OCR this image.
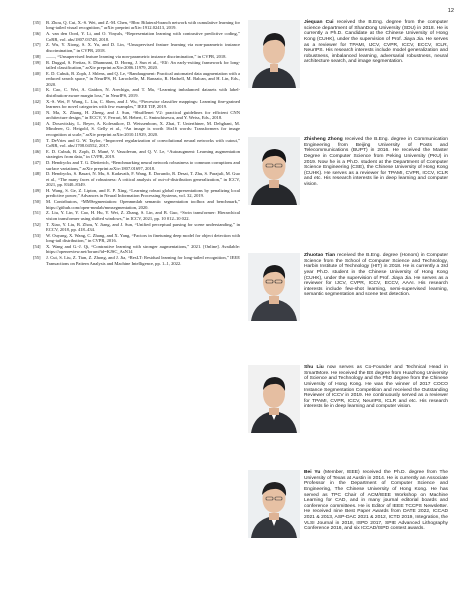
12
[35]	B. Zhou, Q. Cui, X.-S. Wei, and Z.-M. Chen, “Bbn: Bilateral-branch network with cumulative learning for long-tailed visual recognition,” arXiv preprint arXiv:1912.02413, 2019.
[36]	A. van den Oord, Y. Li, and O. Vinyals, “Representation learning with contrastive predictive coding,” CoRR, vol. abs/1807.03748, 2018.
[37]	Z. Wu, Y. Xiong, S. X. Yu, and D. Lin, “Unsupervised feature learning via non-parametric instance discrimination,” in CVPR, 2018.
[38]	——, “Unsupervised feature learning via non-parametric instance discrimination,” in CVPR, 2018.
[39]	R. Duggal, S. Freitas, S. Dhamnani, D. Horng, J. Sun et al., “Elf: An early-exiting framework for long-tailed classification,” arXiv preprint arXiv:2006.11979, 2020.
[40]	E. D. Cubuk, B. Zoph, J. Shlens, and Q. Le, “Randaugment: Practical automated data augmentation with a reduced search space,” in NeurIPS, H. Larochelle, M. Ranzato, R. Hadsell, M. Balcan, and H. Lin, Eds., 2020.
[41]	K. Cao, C. Wei, A. Gaidon, N. Arechiga, and T. Ma, “Learning imbalanced datasets with label-distribution-aware margin loss,” in NeurIPS, 2019.
[42]	X.-S. Wei, P. Wang, L. Liu, C. Shen, and J. Wu, “Piecewise classifier mappings: Learning fine-grained learners for novel categories with few examples,” IEEE TIP, 2019.
[43]	N. Ma, X. Zhang, H. Zheng, and J. Sun, “Shufflenet V2: practical guidelines for efficient CNN architecture design,” in ECCV, V. Ferrari, M. Hebert, C. Sminchisescu, and Y. Weiss, Eds., 2018.
[44]	A. Dosovitskiy, L. Beyer, A. Kolesnikov, D. Weissenborn, X. Zhai, T. Unterthiner, M. Dehghani, M. Minderer, G. Heigold, S. Gelly et al., “An image is worth 16x16 words: Transformers for image recognition at scale,” arXiv preprint arXiv:2010.11929, 2020.
[45]	T. DeVries and G. W. Taylor, “Improved regularization of convolutional neural networks with cutout,” CoRR, vol. abs/1708.04552, 2017.
[46]	E. D. Cubuk, B. Zoph, D. Mané, V. Vasudevan, and Q. V. Le, “Autoaugment: Learning augmentation strategies from data,” in CVPR, 2019.
[47]	D. Hendrycks and T. G. Dietterich, “Benchmarking neural network robustness to common corruptions and surface variations,” arXiv preprint arXiv:1807.01697, 2018.
[48]	D. Hendrycks, S. Basart, N. Mu, S. Kadavath, F. Wang, E. Dorundo, R. Desai, T. Zhu, S. Parajuli, M. Guo et al., “The many faces of robustness: A critical analysis of out-of-distribution generalization,” in ICCV, 2021, pp. 8340–8349.
[49]	H. Wang, S. Ge, Z. Lipton, and E. P. Xing, “Learning robust global representations by penalizing local predictive power,” Advances in Neural Information Processing Systems, vol. 32, 2019.
[50]	M. Contributors, “MMSegmentation: Openmmlab semantic segmentation toolbox and benchmark,” https://github.com/open-mmlab/mmsegmentation, 2020.
[51]	Z. Liu, Y. Lin, Y. Cao, H. Hu, Y. Wei, Z. Zhang, S. Lin, and B. Guo, “Swin transformer: Hierarchical vision transformer using shifted windows,” in ICCV, 2021, pp. 10 012–10 022.
[52]	T. Xiao, Y. Liu, B. Zhou, Y. Jiang, and J. Sun, “Unified perceptual parsing for scene understanding,” in ECCV, 2018, pp. 418–434.
[53]	W. Ouyang, X. Wang, C. Zhang, and X. Yang, “Factors in finetuning deep model for object detection with long-tail distribution,” in CVPR, 2016.
[54]	X. Wang and G.-J. Qi, “Contrastive learning with stronger augmentations,” 2021. [Online]. Available: https://openreview.net/forum?id=KJSC_AsN14
[55]	J. Cui, S. Liu, Z. Tian, Z. Zhong, and J. Jia, “ResLT: Residual learning for long-tailed recognition,” IEEE Transactions on Pattern Analysis and Machine Intelligence, pp. 1–1, 2022.
Jiequan Cui received the B.Eng. degree from the computer science department of ShanDong University (SDU) in 2018. He is currently a Ph.D. Candidate at the Chinese University of Hong Kong (CUHK), under the supervision of Prof. Jiaya Jia. He serves as a reviewer for TPAMI, IJCV, CVPR, ICCV, ECCV, ICLR, NeurIPS. His research interests include model generalization and robustness, imbalanced learning, adversarial robustness, neural architecture search, and image segmentation.
Zhisheng Zhong received the B.Eng. degree in Communication Engineering from Beijing University of Posts and Telecommunications (BUPT) in 2016. He received the Master Degree in Computer Science from Peking University (PKU) in 2019. Now he is a Ph.D. student at the Department of Computer Science Engineering (CSE), the Chinese University of Hong Kong (CUHK). He serves as a reviewer for TPAMI, CVPR, ICCV, ICLR and etc. His research interests lie in deep learning and computer vision.
Zhuotao Tian received the B.Eng. degree (Honors) in Computer Science from the School of Computer Science and Technology, Harbin Institute of Technology (HIT) in 2018. He is currently a 3rd year Ph.D. student in the Chinese University of Hong Kong (CUHK), under the supervision of Prof. Jiaya Jia. He serves as a reviewer for IJCV, CVPR, ICCV, ECCV, AAAI. His research interests include few-shot learning, semi-supervised learning, semantic segmentation and scene text detection.
Shu Liu now serves as Co-Founder and Technical Head in SmartMore. He received the BS degree from Huazhong University of Science and Technology and the PhD degree from the Chinese University of Hong Kong. He was the winner of 2017 COCO Instance Segmentation Competition and received the Outstanding Reviewer of ICCV in 2019. He continuously served as a reviewer for TPAMI, CVPR, ICCV, NeurIPS, ICLR and etc. His research interests lie in deep learning and computer vision.
Bei Yu (Member, IEEE) received the Ph.D. degree from The University of Texas at Austin in 2014. He is currently an Associate Professor in the Department of Computer Science and Engineering, The Chinese University of Hong Kong. He has served as TPC Chair of ACM/IEEE Workshop on Machine Learning for CAD, and in many journal editorial boards and conference committees. He is Editor of IEEE TCCPS Newsletter. He received nine Best Paper Awards from DATE 2022, ICCAD 2021 & 2013, ASP-DAC 2021 & 2012, ICTD 2019, Integration, the VLSI Journal in 2018, ISPD 2017, SPIE Advanced Lithography Conference 2016, and six ICCAD/ISPD contest awards.
